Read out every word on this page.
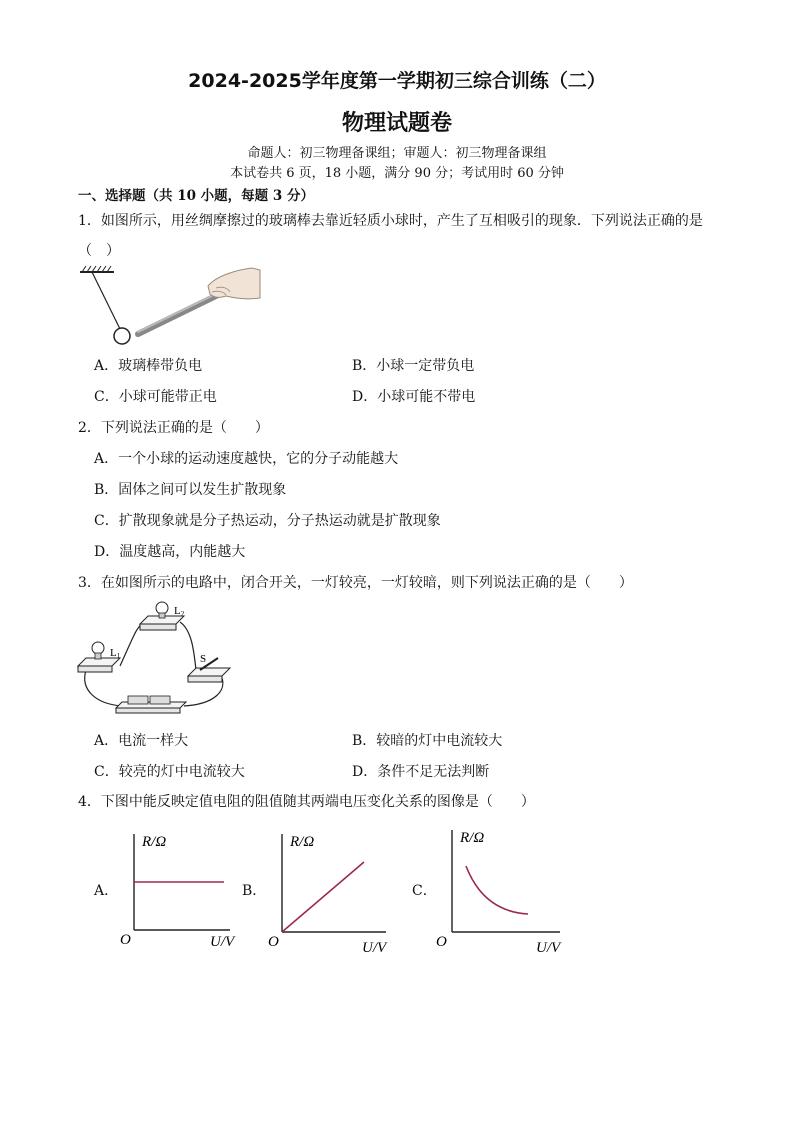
2024-2025学年度第一学期初三综合训练（二）
物理试题卷
命题人：初三物理备课组；审题人：初三物理备课组
本试卷共 6 页，18 小题，满分 90 分；考试用时 60 分钟
一、选择题（共 10 小题，每题 3 分）
1．如图所示，用丝绸摩擦过的玻璃棒去靠近轻质小球时，产生了互相吸引的现象．下列说法正确的是
（　）
A．玻璃棒带负电	B．小球一定带负电
C．小球可能带正电	D．小球可能不带电
2．下列说法正确的是（　　）
A．一个小球的运动速度越快，它的分子动能越大
B．固体之间可以发生扩散现象
C．扩散现象就是分子热运动，分子热运动就是扩散现象
D．温度越高，内能越大
3．在如图所示的电路中，闭合开关，一灯较亮，一灯较暗，则下列说法正确的是（　　）
L1
L2
S
A．电流一样大	B．较暗的灯中电流较大
C．较亮的灯中电流较大	D．条件不足无法判断
4．下图中能反映定值电阻的阻值随其两端电压变化关系的图像是（　　）
A．
R/Ω
O	U/V
B．
R/Ω
O	U/V
C．
R/Ω
O	U/V
